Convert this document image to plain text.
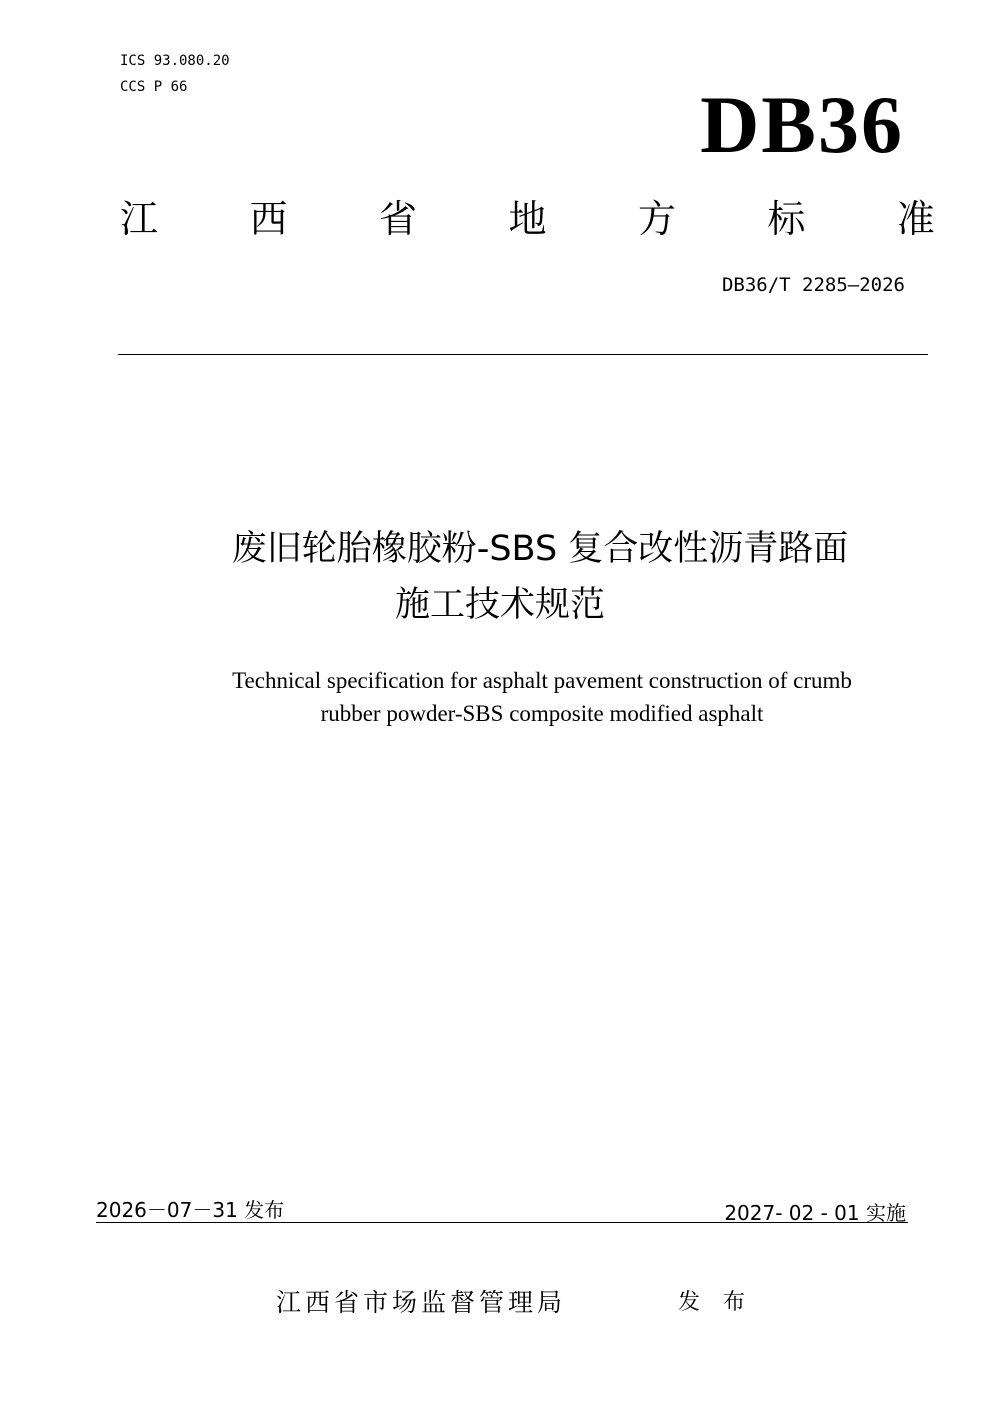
ICS 93.080.20
CCS P 66	DB36
江 西 省 地 方 标 准
DB36/T 2285—2026
废旧轮胎橡胶粉-SBS 复合改性沥青路面
施工技术规范
Technical specification for asphalt pavement construction of crumb
rubber powder-SBS composite modified asphalt
2026－07－31 发布	2027- 02 - 01 实施
江西省市场监督管理局	发 布
